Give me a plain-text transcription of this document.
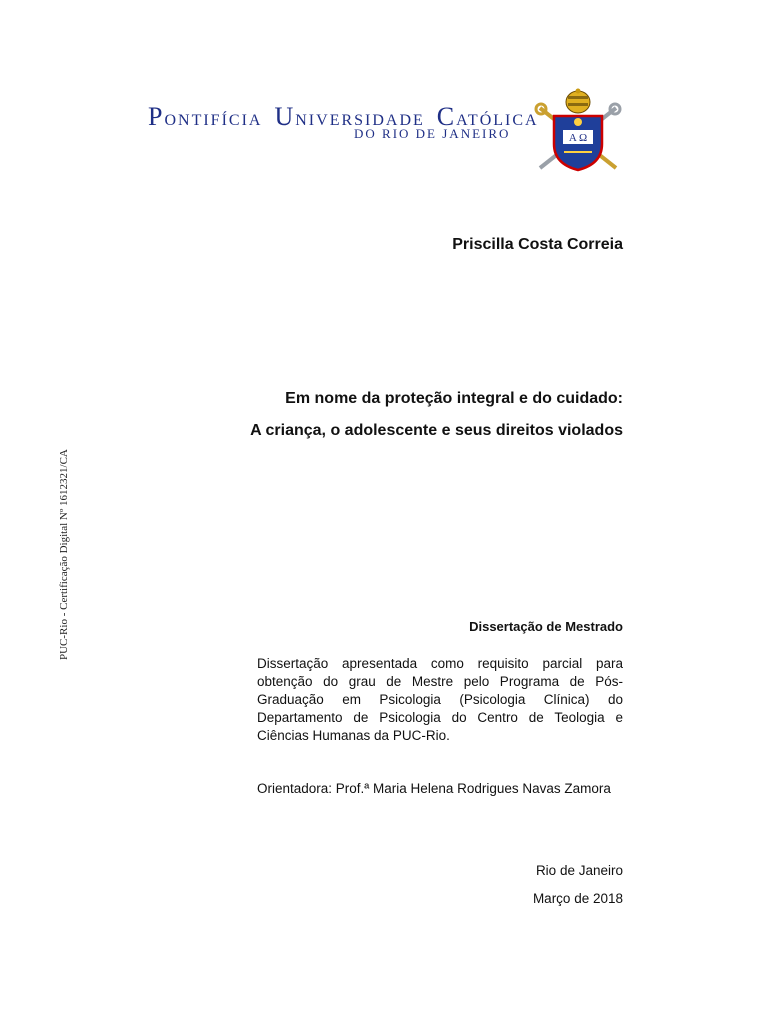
PONTIFÍCIA  UNIVERSIDADE  CATÓLICA
DO RIO DE JANEIRO	A Ω
PUC-Rio - Certificação Digital Nº 1612321/CA
Priscilla Costa Correia
Em nome da proteção integral e do cuidado:
A criança, o adolescente e seus direitos violados
Dissertação de Mestrado
Dissertação apresentada como requisito parcial para obtenção do grau de Mestre pelo Programa de Pós-Graduação em Psicologia (Psicologia Clínica) do Departamento de Psicologia do Centro de Teologia e Ciências Humanas da PUC-Rio.
Orientadora: Prof.ª Maria Helena Rodrigues Navas Zamora
Rio de Janeiro
Março de 2018
